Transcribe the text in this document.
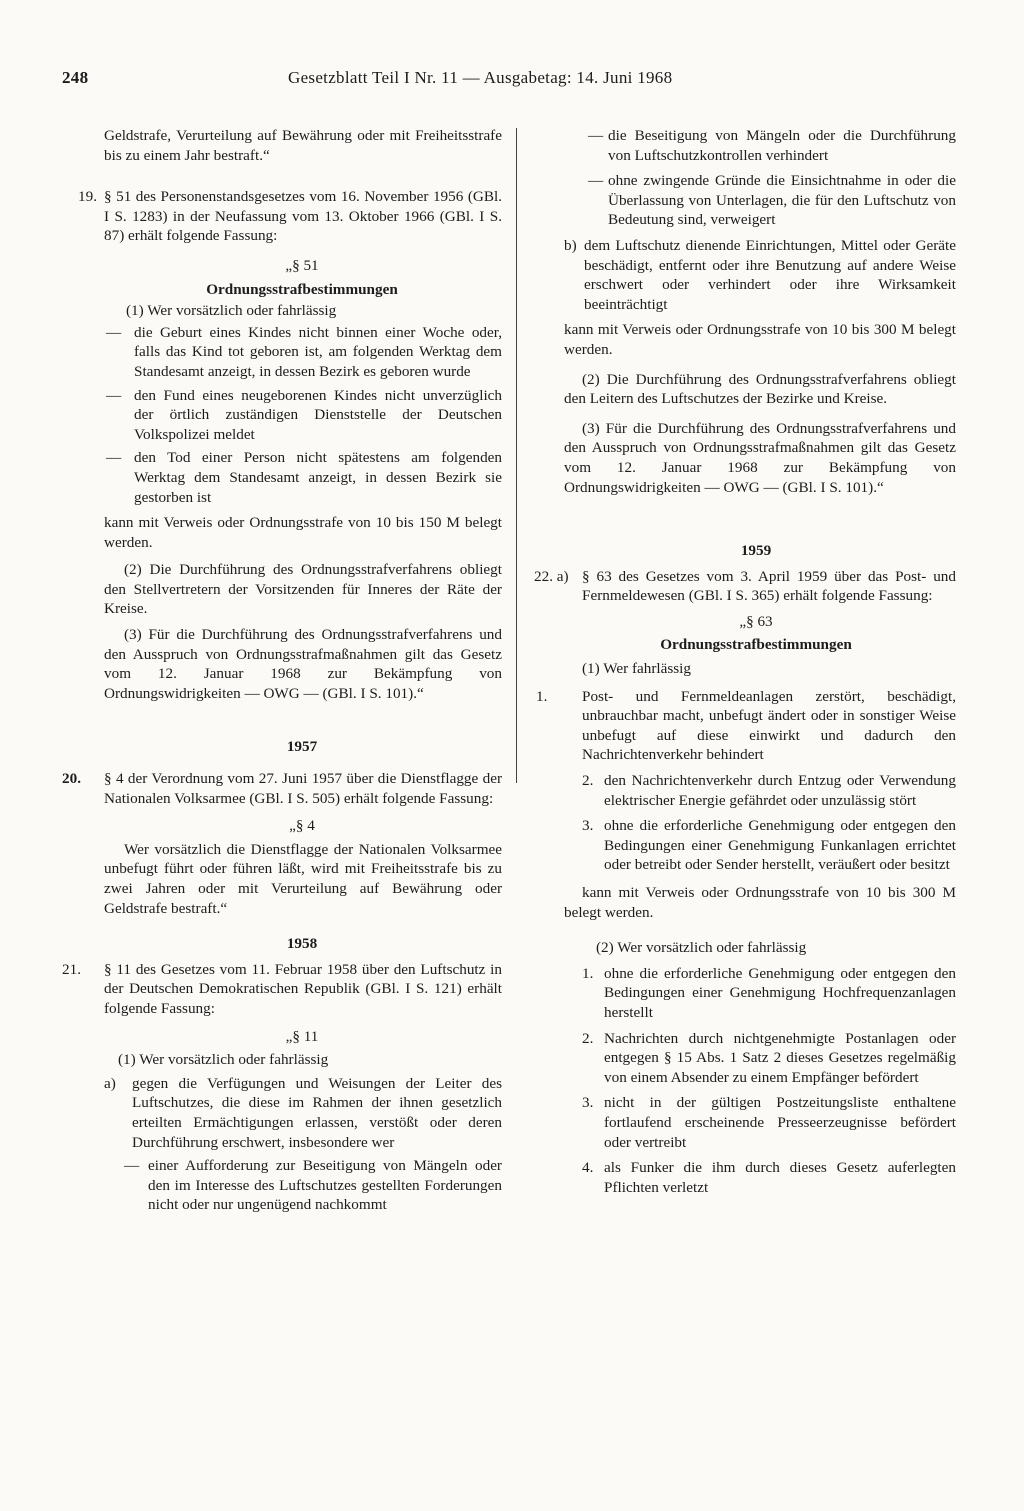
248	Gesetzblatt Teil I Nr. 11 — Ausgabetag: 14. Juni 1968

Geldstrafe, Verurteilung auf Bewährung oder mit Freiheitsstrafe bis zu einem Jahr bestraft.“

19. § 51 des Personenstandsgesetzes vom 16. November 1956 (GBl. I S. 1283) in der Neufassung vom 13. Oktober 1966 (GBl. I S. 87) erhält folgende Fassung:

„§ 51

Ordnungsstrafbestimmungen

(1) Wer vorsätzlich oder fahrlässig

— die Geburt eines Kindes nicht binnen einer Woche oder, falls das Kind tot geboren ist, am folgenden Werktag dem Standesamt anzeigt, in dessen Bezirk es geboren wurde

— den Fund eines neugeborenen Kindes nicht unverzüglich der örtlich zuständigen Dienststelle der Deutschen Volkspolizei meldet

— den Tod einer Person nicht spätestens am folgenden Werktag dem Standesamt anzeigt, in dessen Bezirk sie gestorben ist

kann mit Verweis oder Ordnungsstrafe von 10 bis 150 M belegt werden.

(2) Die Durchführung des Ordnungsstrafverfahrens obliegt den Stellvertretern der Vorsitzenden für Inneres der Räte der Kreise.

(3) Für die Durchführung des Ordnungsstrafverfahrens und den Ausspruch von Ordnungsstrafmaßnahmen gilt das Gesetz vom 12. Januar 1968 zur Bekämpfung von Ordnungswidrigkeiten — OWG — (GBl. I S. 101).“

1957

20. § 4 der Verordnung vom 27. Juni 1957 über die Dienstflagge der Nationalen Volksarmee (GBl. I S. 505) erhält folgende Fassung:

„§ 4

Wer vorsätzlich die Dienstflagge der Nationalen Volksarmee unbefugt führt oder führen läßt, wird mit Freiheitsstrafe bis zu zwei Jahren oder mit Verurteilung auf Bewährung oder Geldstrafe bestraft.“

1958

21. § 11 des Gesetzes vom 11. Februar 1958 über den Luftschutz in der Deutschen Demokratischen Republik (GBl. I S. 121) erhält folgende Fassung:

„§ 11

(1) Wer vorsätzlich oder fahrlässig

a) gegen die Verfügungen und Weisungen der Leiter des Luftschutzes, die diese im Rahmen der ihnen gesetzlich erteilten Ermächtigungen erlassen, verstößt oder deren Durchführung erschwert, insbesondere wer

— einer Aufforderung zur Beseitigung von Mängeln oder den im Interesse des Luftschutzes gestellten Forderungen nicht oder nur ungenügend nachkommt

— die Beseitigung von Mängeln oder die Durchführung von Luftschutzkontrollen verhindert

— ohne zwingende Gründe die Einsichtnahme in oder die Überlassung von Unterlagen, die für den Luftschutz von Bedeutung sind, verweigert

b) dem Luftschutz dienende Einrichtungen, Mittel oder Geräte beschädigt, entfernt oder ihre Benutzung auf andere Weise erschwert oder verhindert oder ihre Wirksamkeit beeinträchtigt

kann mit Verweis oder Ordnungsstrafe von 10 bis 300 M belegt werden.

(2) Die Durchführung des Ordnungsstrafverfahrens obliegt den Leitern des Luftschutzes der Bezirke und Kreise.

(3) Für die Durchführung des Ordnungsstrafverfahrens und den Ausspruch von Ordnungsstrafmaßnahmen gilt das Gesetz vom 12. Januar 1968 zur Bekämpfung von Ordnungswidrigkeiten — OWG — (GBl. I S. 101).“

1959

22. a) § 63 des Gesetzes vom 3. April 1959 über das Post- und Fernmeldewesen (GBl. I S. 365) erhält folgende Fassung:

„§ 63

Ordnungsstrafbestimmungen

(1) Wer fahrlässig

1.	Post- und Fernmeldeanlagen zerstört, beschädigt, unbrauchbar macht, unbefugt ändert oder in sonstiger Weise unbefugt auf diese einwirkt und dadurch den Nachrichtenverkehr behindert

2. den Nachrichtenverkehr durch Entzug oder Verwendung elektrischer Energie gefährdet oder unzulässig stört

3. ohne die erforderliche Genehmigung oder entgegen den Bedingungen einer Genehmigung Funkanlagen errichtet oder betreibt oder Sender herstellt, veräußert oder besitzt

kann mit Verweis oder Ordnungsstrafe von 10 bis 300 M belegt werden.

(2) Wer vorsätzlich oder fahrlässig

1. ohne die erforderliche Genehmigung oder entgegen den Bedingungen einer Genehmigung Hochfrequenzanlagen herstellt

2. Nachrichten durch nichtgenehmigte Postanlagen oder entgegen § 15 Abs. 1 Satz 2 dieses Gesetzes regelmäßig von einem Absender zu einem Empfänger befördert

3. nicht in der gültigen Postzeitungsliste enthaltene fortlaufend erscheinende Presseerzeugnisse befördert oder vertreibt

4. als Funker die ihm durch dieses Gesetz auferlegten Pflichten verletzt
